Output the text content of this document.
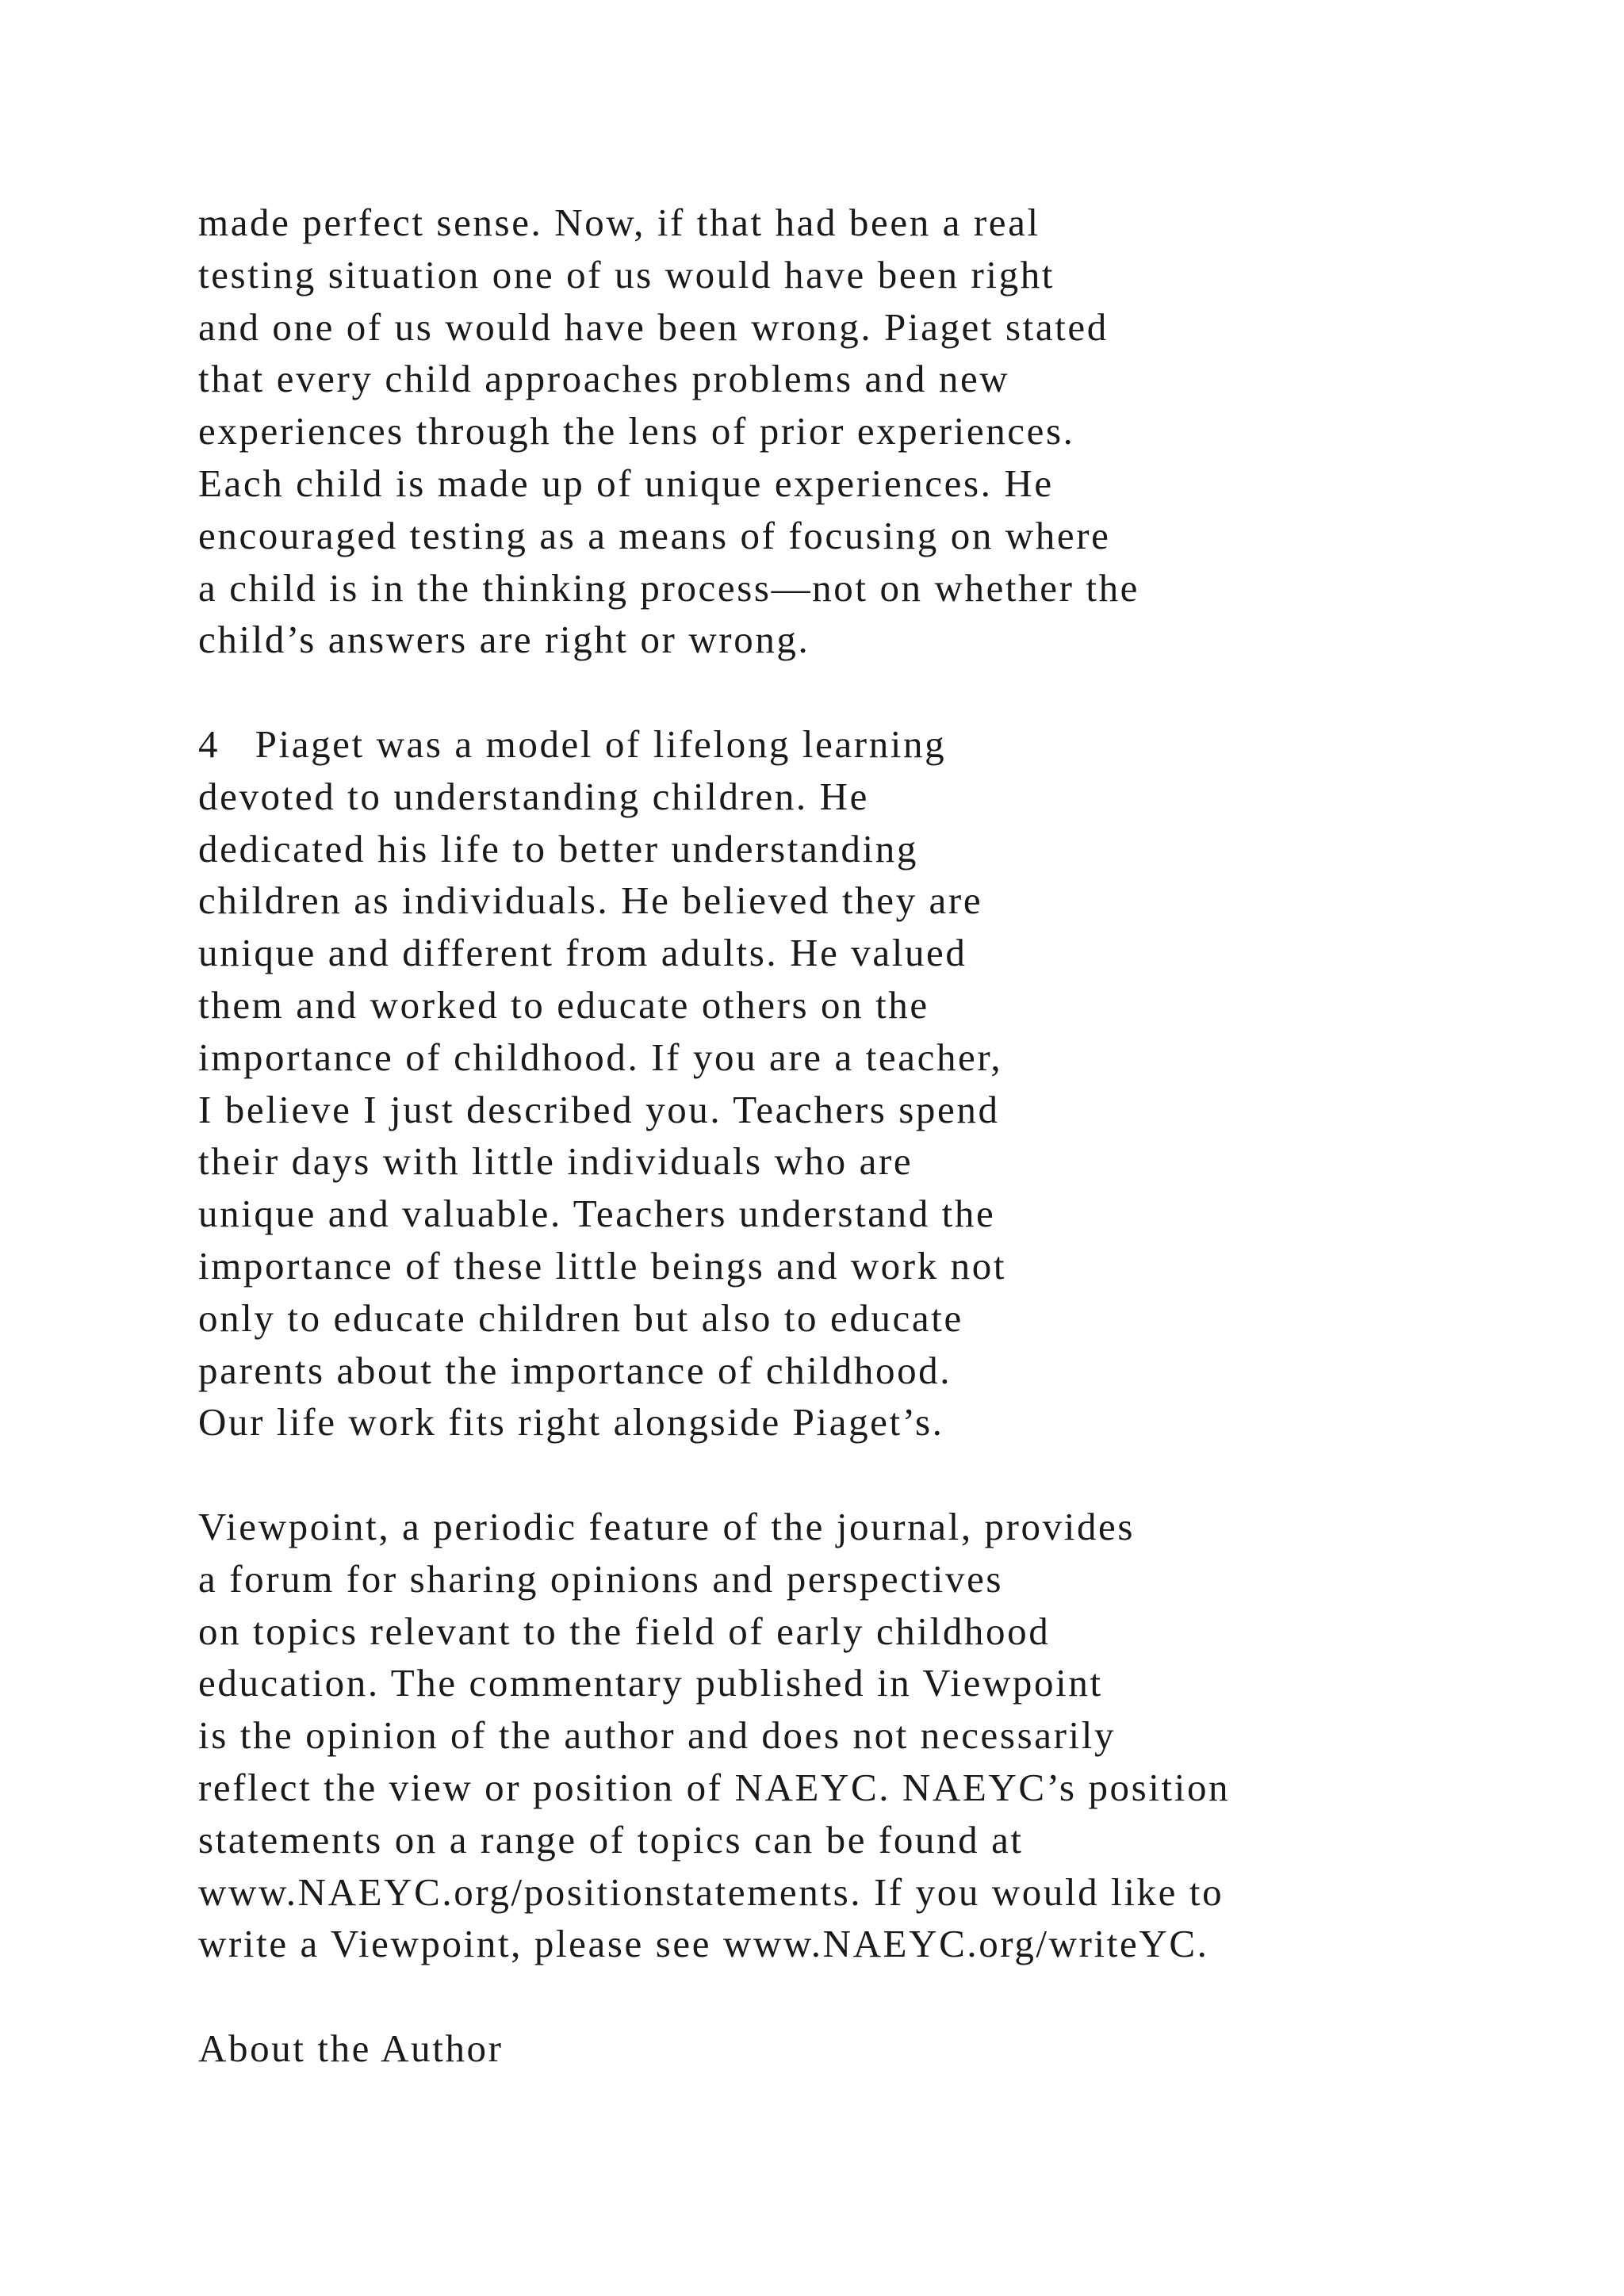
made perfect sense. Now, if that had been a real
testing situation one of us would have been right
and one of us would have been wrong. Piaget stated
that every child approaches problems and new
experiences through the lens of prior experiences.
Each child is made up of unique experiences. He
encouraged testing as a means of focusing on where
a child is in the thinking process—not on whether the
child’s answers are right or wrong.
4   Piaget was a model of lifelong learning
devoted to understanding children. He
dedicated his life to better understanding
children as individuals. He believed they are
unique and different from adults. He valued
them and worked to educate others on the
importance of childhood. If you are a teacher,
I believe I just described you. Teachers spend
their days with little individuals who are
unique and valuable. Teachers understand the
importance of these little beings and work not
only to educate children but also to educate
parents about the importance of childhood.
Our life work fits right alongside Piaget’s.
Viewpoint, a periodic feature of the journal, provides
a forum for sharing opinions and perspectives
on topics relevant to the field of early childhood
education. The commentary published in Viewpoint
is the opinion of the author and does not necessarily
reflect the view or position of NAEYC. NAEYC’s position
statements on a range of topics can be found at
www.NAEYC.org/positionstatements. If you would like to
write a Viewpoint, please see www.NAEYC.org/writeYC.
About the Author
